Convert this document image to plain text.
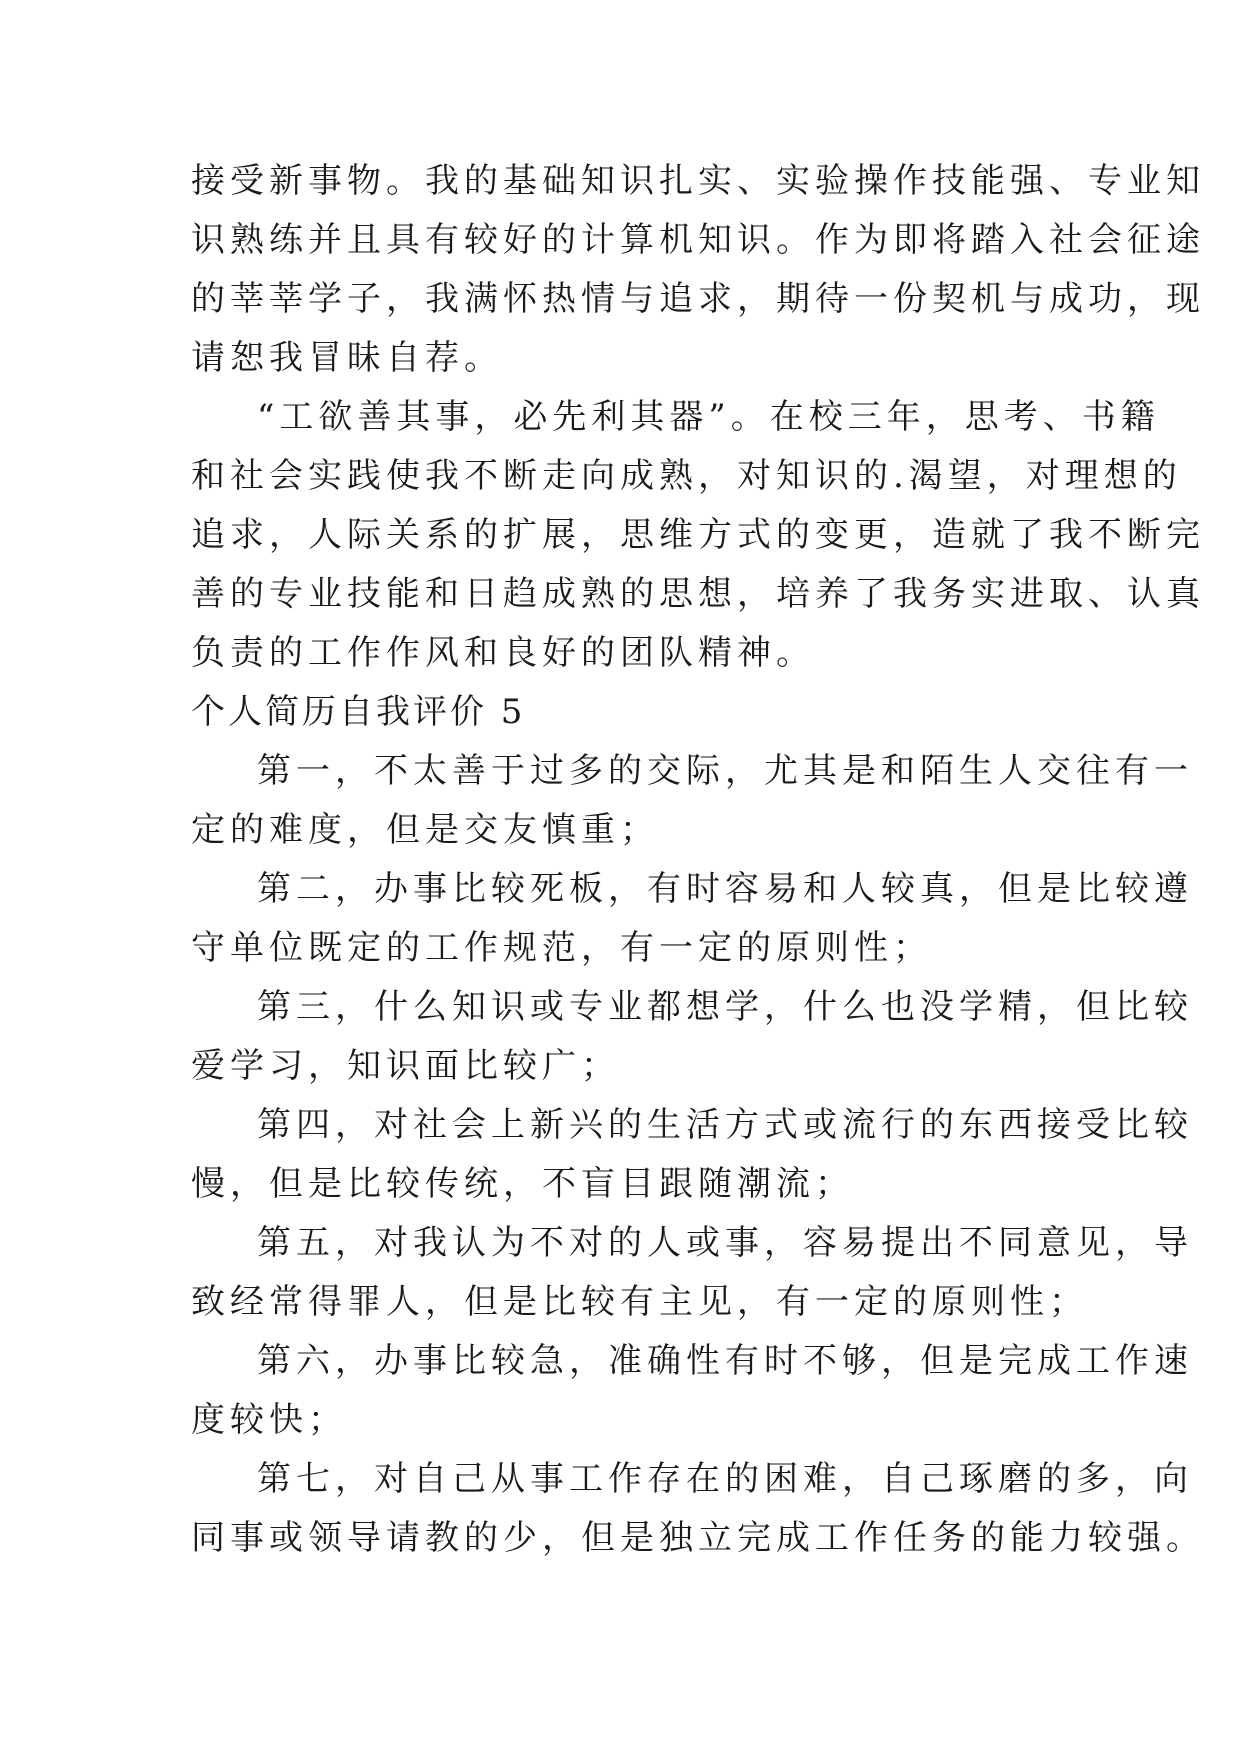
接受新事物。我的基础知识扎实、实验操作技能强、专业知
识熟练并且具有较好的计算机知识。作为即将踏入社会征途
的莘莘学子，我满怀热情与追求，期待一份契机与成功，现
请恕我冒昧自荐。
“工欲善其事，必先利其器”。在校三年，思考、书籍
和社会实践使我不断走向成熟，对知识的.渴望，对理想的
追求，人际关系的扩展，思维方式的变更，造就了我不断完
善的专业技能和日趋成熟的思想，培养了我务实进取、认真
负责的工作作风和良好的团队精神。
个人简历自我评价 5
第一，不太善于过多的交际，尤其是和陌生人交往有一
定的难度，但是交友慎重；
第二，办事比较死板，有时容易和人较真，但是比较遵
守单位既定的工作规范，有一定的原则性；
第三，什么知识或专业都想学，什么也没学精，但比较
爱学习，知识面比较广；
第四，对社会上新兴的生活方式或流行的东西接受比较
慢，但是比较传统，不盲目跟随潮流；
第五，对我认为不对的人或事，容易提出不同意见，导
致经常得罪人，但是比较有主见，有一定的原则性；
第六，办事比较急，准确性有时不够，但是完成工作速
度较快；
第七，对自己从事工作存在的困难，自己琢磨的多，向
同事或领导请教的少，但是独立完成工作任务的能力较强。
